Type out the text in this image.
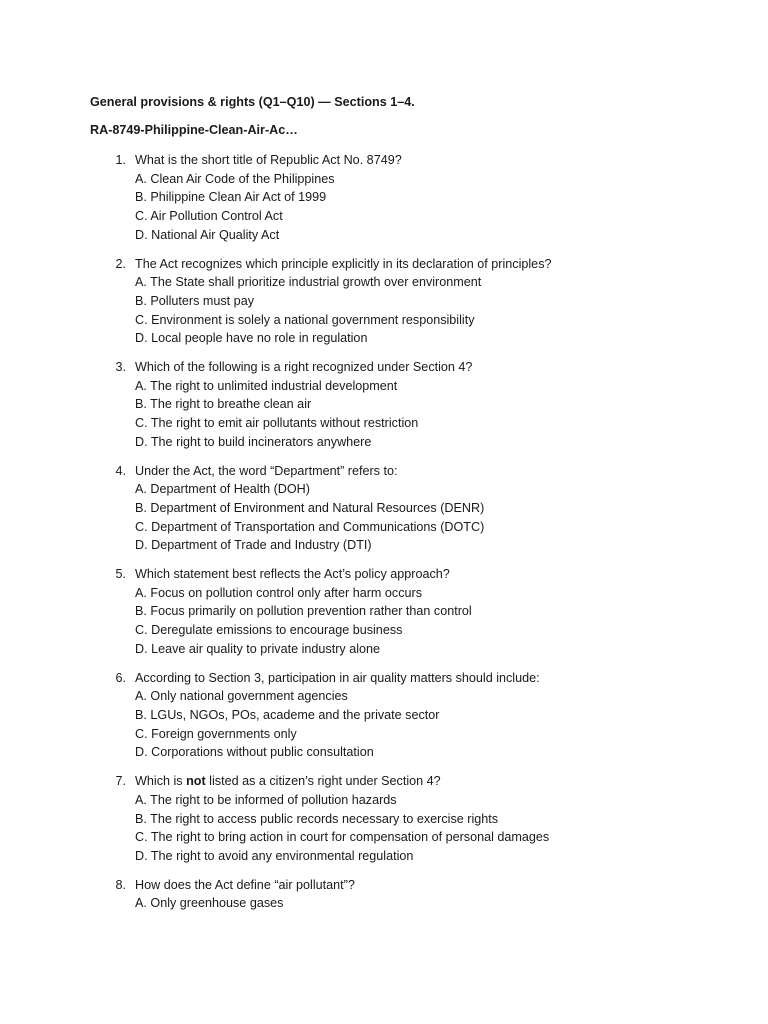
General provisions & rights (Q1–Q10) — Sections 1–4.
RA-8749-Philippine-Clean-Air-Ac…
1. What is the short title of Republic Act No. 8749?
A. Clean Air Code of the Philippines
B. Philippine Clean Air Act of 1999
C. Air Pollution Control Act
D. National Air Quality Act
2. The Act recognizes which principle explicitly in its declaration of principles?
A. The State shall prioritize industrial growth over environment
B. Polluters must pay
C. Environment is solely a national government responsibility
D. Local people have no role in regulation
3. Which of the following is a right recognized under Section 4?
A. The right to unlimited industrial development
B. The right to breathe clean air
C. The right to emit air pollutants without restriction
D. The right to build incinerators anywhere
4. Under the Act, the word “Department” refers to:
A. Department of Health (DOH)
B. Department of Environment and Natural Resources (DENR)
C. Department of Transportation and Communications (DOTC)
D. Department of Trade and Industry (DTI)
5. Which statement best reflects the Act’s policy approach?
A. Focus on pollution control only after harm occurs
B. Focus primarily on pollution prevention rather than control
C. Deregulate emissions to encourage business
D. Leave air quality to private industry alone
6. According to Section 3, participation in air quality matters should include:
A. Only national government agencies
B. LGUs, NGOs, POs, academe and the private sector
C. Foreign governments only
D. Corporations without public consultation
7. Which is not listed as a citizen’s right under Section 4?
A. The right to be informed of pollution hazards
B. The right to access public records necessary to exercise rights
C. The right to bring action in court for compensation of personal damages
D. The right to avoid any environmental regulation
8. How does the Act define “air pollutant”?
A. Only greenhouse gases
